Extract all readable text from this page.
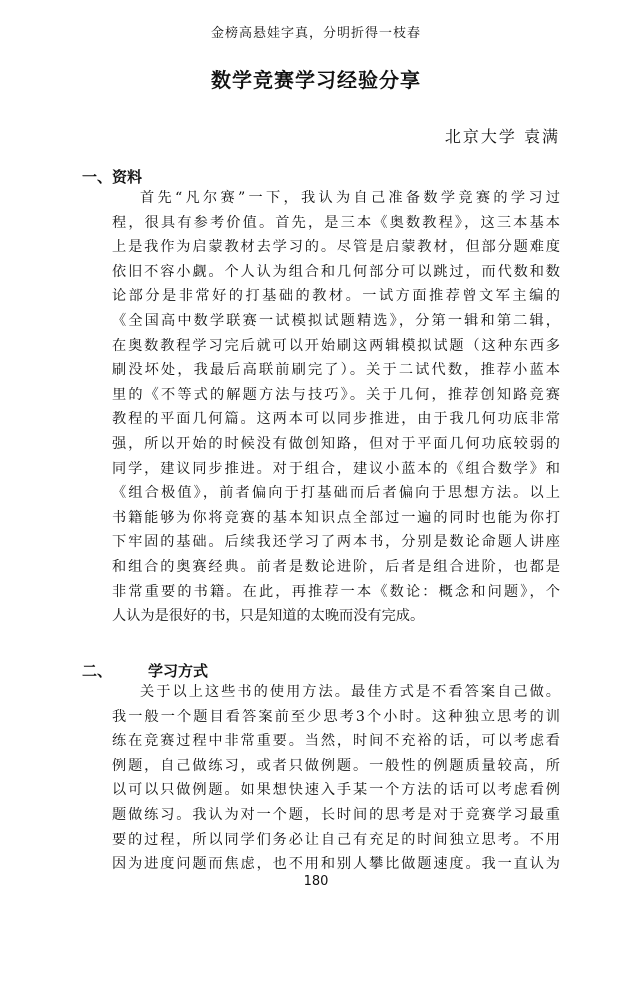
金榜高悬娃字真，分明折得一枝春
数学竞赛学习经验分享
北京大学 袁满
一、资料
首先“凡尔赛”一下，我认为自己准备数学竞赛的学习过
程，很具有参考价值。首先，是三本《奥数教程》，这三本基本
上是我作为启蒙教材去学习的。尽管是启蒙教材，但部分题难度
依旧不容小觑。个人认为组合和几何部分可以跳过，而代数和数
论部分是非常好的打基础的教材。一试方面推荐曾文军主编的
《全国高中数学联赛一试模拟试题精选》，分第一辑和第二辑，
在奥数教程学习完后就可以开始刷这两辑模拟试题（这种东西多
刷没坏处，我最后高联前刷完了）。关于二试代数，推荐小蓝本
里的《不等式的解题方法与技巧》。关于几何，推荐创知路竞赛
教程的平面几何篇。这两本可以同步推进，由于我几何功底非常
强，所以开始的时候没有做创知路，但对于平面几何功底较弱的
同学，建议同步推进。对于组合，建议小蓝本的《组合数学》和
《组合极值》，前者偏向于打基础而后者偏向于思想方法。以上
书籍能够为你将竞赛的基本知识点全部过一遍的同时也能为你打
下牢固的基础。后续我还学习了两本书，分别是数论命题人讲座
和组合的奥赛经典。前者是数论进阶，后者是组合进阶，也都是
非常重要的书籍。在此，再推荐一本《数论：概念和问题》，个
人认为是很好的书，只是知道的太晚而没有完成。
二、 学习方式
关于以上这些书的使用方法。最佳方式是不看答案自己做。
我一般一个题目看答案前至少思考3个小时。这种独立思考的训
练在竞赛过程中非常重要。当然，时间不充裕的话，可以考虑看
例题，自己做练习，或者只做例题。一般性的例题质量较高，所
以可以只做例题。如果想快速入手某一个方法的话可以考虑看例
题做练习。我认为对一个题，长时间的思考是对于竞赛学习最重
要的过程，所以同学们务必让自己有充足的时间独立思考。不用
因为进度问题而焦虑，也不用和别人攀比做题速度。我一直认为
180
